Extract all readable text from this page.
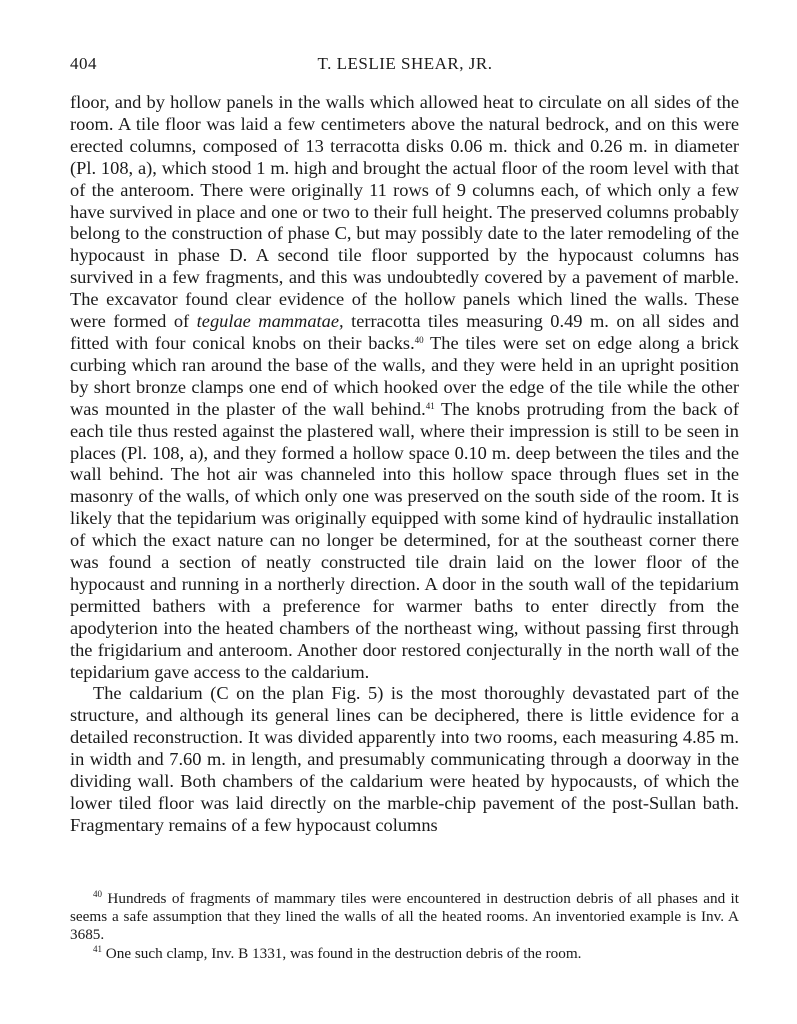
404	T. LESLIE SHEAR, JR.

floor, and by hollow panels in the walls which allowed heat to circulate on all sides of the room. A tile floor was laid a few centimeters above the natural bedrock, and on this were erected columns, composed of 13 terracotta disks 0.06 m. thick and 0.26 m. in diameter (Pl. 108, a), which stood 1 m. high and brought the actual floor of the room level with that of the anteroom. There were originally 11 rows of 9 columns each, of which only a few have survived in place and one or two to their full height. The preserved columns probably belong to the construction of phase C, but may possibly date to the later remodeling of the hypocaust in phase D. A second tile floor supported by the hypocaust columns has survived in a few fragments, and this was undoubtedly covered by a pavement of marble. The excavator found clear evidence of the hollow panels which lined the walls. These were formed of tegulae mammatae, terracotta tiles measuring 0.49 m. on all sides and fitted with four conical knobs on their backs.$^{40}$ The tiles were set on edge along a brick curbing which ran around the base of the walls, and they were held in an upright position by short bronze clamps one end of which hooked over the edge of the tile while the other was mounted in the plaster of the wall behind.$^{41}$ The knobs protruding from the back of each tile thus rested against the plastered wall, where their impression is still to be seen in places (Pl. 108, a), and they formed a hollow space 0.10 m. deep between the tiles and the wall behind. The hot air was channeled into this hollow space through flues set in the masonry of the walls, of which only one was preserved on the south side of the room. It is likely that the tepidarium was originally equipped with some kind of hydraulic installation of which the exact nature can no longer be determined, for at the southeast corner there was found a section of neatly constructed tile drain laid on the lower floor of the hypocaust and running in a northerly direction. A door in the south wall of the tepidarium permitted bathers with a preference for warmer baths to enter directly from the apodyterion into the heated chambers of the northeast wing, without passing first through the frigidarium and anteroom. Another door restored conjecturally in the north wall of the tepidarium gave access to the caldarium.

The caldarium (C on the plan Fig. 5) is the most thoroughly devastated part of the structure, and although its general lines can be deciphered, there is little evidence for a detailed reconstruction. It was divided apparently into two rooms, each measuring 4.85 m. in width and 7.60 m. in length, and presumably communicating through a doorway in the dividing wall. Both chambers of the caldarium were heated by hypocausts, of which the lower tiled floor was laid directly on the marble-chip pavement of the post-Sullan bath. Fragmentary remains of a few hypocaust columns

$^{40}$ Hundreds of fragments of mammary tiles were encountered in destruction debris of all phases and it seems a safe assumption that they lined the walls of all the heated rooms. An inventoried example is Inv. A 3685.

$^{41}$ One such clamp, Inv. B 1331, was found in the destruction debris of the room.
